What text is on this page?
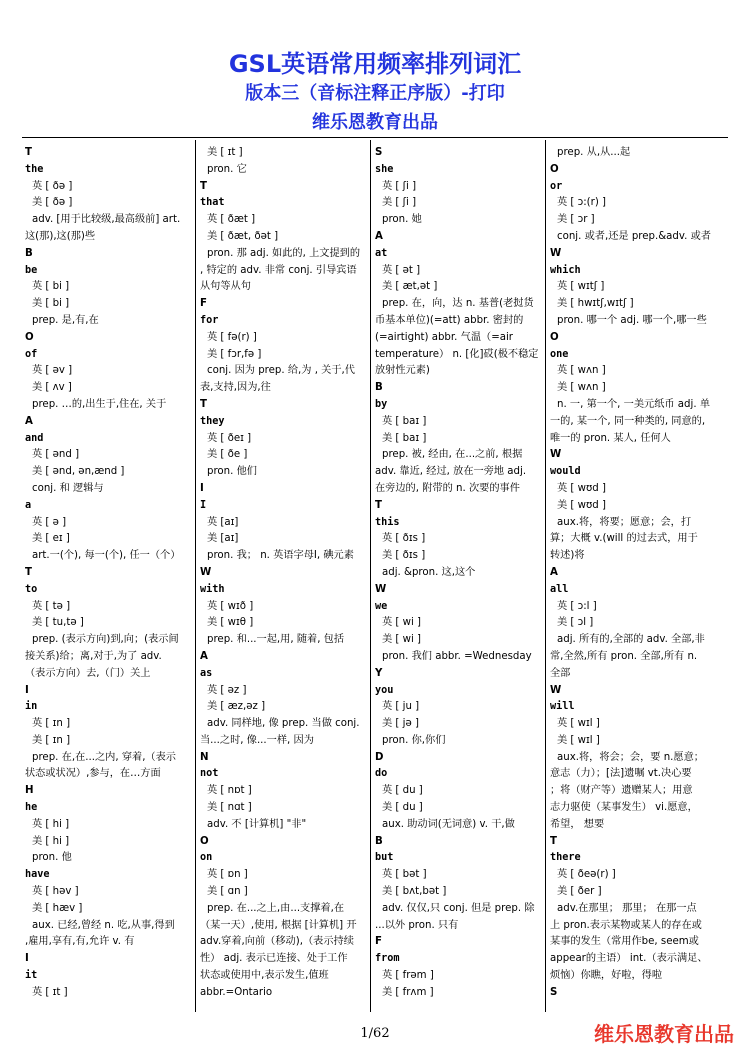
GSL英语常用频率排列词汇
版本三（音标注释正序版）-打印
维乐恩教育出品
T
the
英 [ ðə ]
美 [ ðə ]
adv. [用于比较级,最高级前] art.
这(那),这(那)些
B
be
英 [ bi ]
美 [ bi ]
prep. 是,有,在
O
of
英 [ əv ]
美 [ ʌv ]
prep. …的,出生于,住在, 关于
A
and
英 [ ənd ]
美 [ ənd, ən,ænd ]
conj. 和 逻辑与
a
英 [ ə ]
美 [ eɪ ]
art.一(个), 每一(个), 任一（个）
T
to
英 [ tə ]
美 [ tu,tə ]
prep. (表示方向)到,向；(表示间
接关系)给；离,对于,为了 adv.
（表示方向）去,（门）关上
I
in
英 [ ɪn ]
美 [ ɪn ]
prep. 在,在...之内, 穿着,（表示
状态或状况）,参与，在…方面
H
he
英 [ hi ]
美 [ hi ]
pron. 他
have
英 [ həv ]
美 [ hæv ]
aux. 已经,曾经 n. 吃,从事,得到
,雇用,享有,有,允许 v. 有
I
it
英 [ ɪt ]
美 [ ɪt ]
pron. 它
T
that
英 [ ðæt ]
美 [ ðæt, ðət ]
pron. 那 adj. 如此的, 上文提到的
, 特定的 adv. 非常 conj. 引导宾语
从句等从句
F
for
英 [ fə(r) ]
美 [ fɔr,fə ]
conj. 因为 prep. 给,为 , 关于,代
表,支持,因为,往
T
they
英 [ ðeɪ ]
美 [ ðe ]
pron. 他们
I
I
英 [aɪ]
美 [aɪ]
pron. 我； n. 英语字母I, 碘元素
W
with
英 [ wɪð ]
美 [ wɪθ ]
prep. 和...一起,用, 随着, 包括
A
as
英 [ əz ]
美 [ æz,əz ]
adv. 同样地, 像 prep. 当做 conj.
当...之时, 像...一样, 因为
N
not
英 [ nɒt ]
美 [ nɑt ]
adv. 不 [计算机] "非"
O
on
英 [ ɒn ]
美 [ ɑn ]
prep. 在...之上,由...支撑着,在
（某一天）,使用, 根据 [计算机] 开
adv.穿着,向前（移动),（表示持续
性） adj. 表示已连接、处于工作
状态或使用中,表示发生,值班
abbr.=Ontario
S
she
英 [ ʃi ]
美 [ ʃi ]
pron. 她
A
at
英 [ ət ]
美 [ æt,ət ]
prep. 在，向，达 n. 基普(老挝货
币基本单位)(=att) abbr. 密封的
(=airtight) abbr. 气温（=air
temperature） n. [化]砹(极不稳定
放射性元素)
B
by
英 [ baɪ ]
美 [ baɪ ]
prep. 被, 经由, 在...之前, 根据
adv. 靠近, 经过, 放在一旁地 adj.
在旁边的, 附带的 n. 次要的事件
T
this
英 [ ðɪs ]
美 [ ðɪs ]
adj. &pron. 这,这个
W
we
英 [ wi ]
美 [ wi ]
pron. 我们 abbr. =Wednesday
Y
you
英 [ ju ]
美 [ jə ]
pron. 你,你们
D
do
英 [ du ]
美 [ du ]
aux. 助动词(无词意) v. 干,做
B
but
英 [ bət ]
美 [ bʌt,bət ]
adv. 仅仅,只 conj. 但是 prep. 除
...以外 pron. 只有
F
from
英 [ frəm ]
美 [ frʌm ]
prep. 从,从...起
O
or
英 [ ɔ:(r) ]
美 [ ɔr ]
conj. 或者,还是 prep.&adv. 或者
W
which
英 [ wɪtʃ ]
美 [ hwɪtʃ,wɪtʃ ]
pron. 哪一个 adj. 哪一个,哪一些
O
one
英 [ wʌn ]
美 [ wʌn ]
n. 一, 第一个, 一美元纸币 adj. 单
一的, 某一个, 同一种类的, 同意的,
唯一的 pron. 某人, 任何人
W
would
英 [ wʊd ]
美 [ wʊd ]
aux.将，将要；愿意；会，打
算；大概 v.(will 的过去式，用于
转述)将
A
all
英 [ ɔ:l ]
美 [ ɔl ]
adj. 所有的,全部的 adv. 全部,非
常,全然,所有 pron. 全部,所有 n.
全部
W
will
英 [ wɪl ]
美 [ wɪl ]
aux.将，将会；会，要 n.愿意；
意志（力）；[法]遗嘱 vt.决心要
；将（财产等）遗赠某人；用意
志力驱使（某事发生） vi.愿意，
希望， 想要
T
there
英 [ ðeə(r) ]
美 [ ðer ]
adv.在那里； 那里； 在那一点
上 pron.表示某物或某人的存在或
某事的发生（常用作be, seem或
appear的主语） int.（表示满足、
烦恼）你瞧，好啦，得啦
S
1/62	维乐恩教育出品
